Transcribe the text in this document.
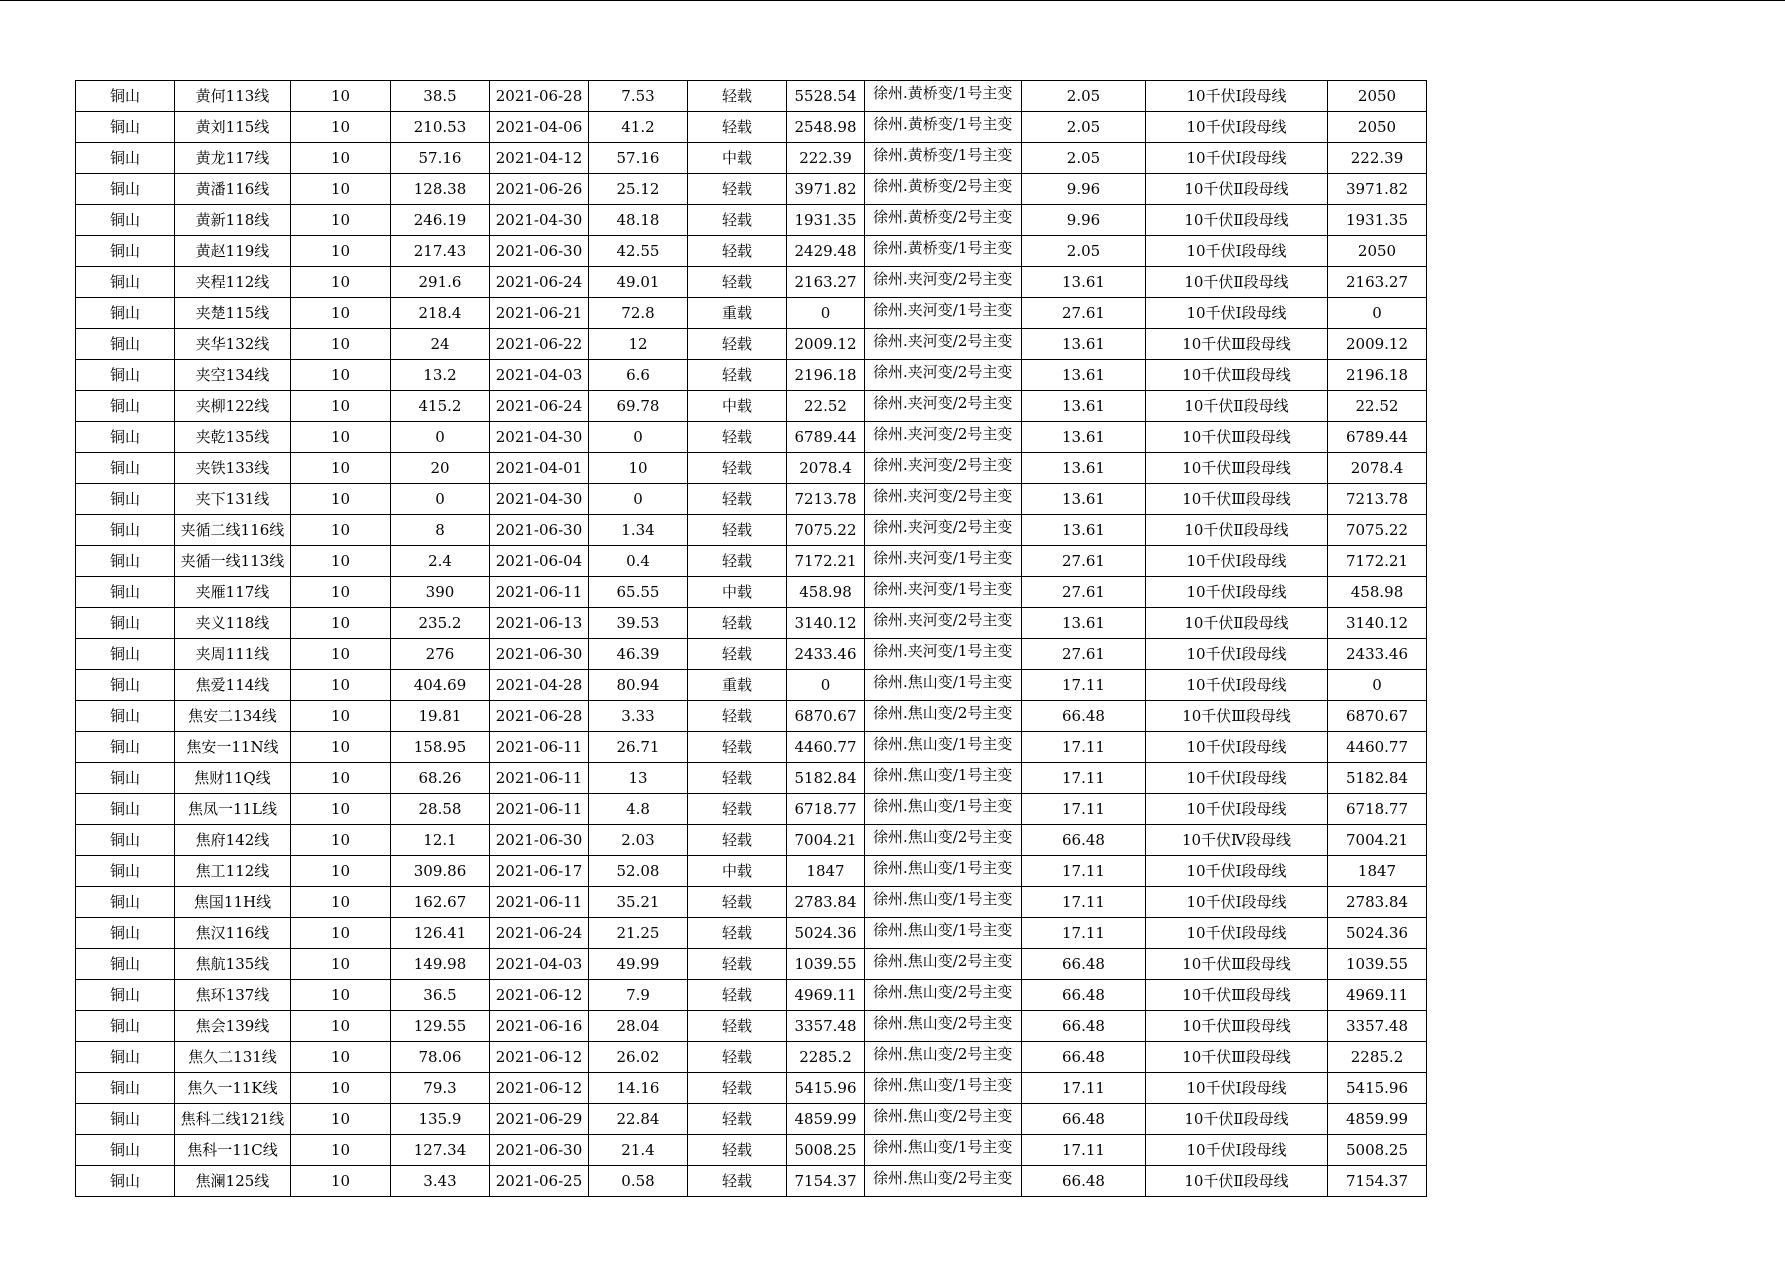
铜山	黄何113线	10	38.5	2021-06-28	7.53	轻载	5528.54	徐州.黄桥变/1号主变	2.05	10千伏Ⅰ段母线	2050
铜山	黄刘115线	10	210.53	2021-04-06	41.2	轻载	2548.98	徐州.黄桥变/1号主变	2.05	10千伏Ⅰ段母线	2050
铜山	黄龙117线	10	57.16	2021-04-12	57.16	中载	222.39	徐州.黄桥变/1号主变	2.05	10千伏Ⅰ段母线	222.39
铜山	黄潘116线	10	128.38	2021-06-26	25.12	轻载	3971.82	徐州.黄桥变/2号主变	9.96	10千伏Ⅱ段母线	3971.82
铜山	黄新118线	10	246.19	2021-04-30	48.18	轻载	1931.35	徐州.黄桥变/2号主变	9.96	10千伏Ⅱ段母线	1931.35
铜山	黄赵119线	10	217.43	2021-06-30	42.55	轻载	2429.48	徐州.黄桥变/1号主变	2.05	10千伏Ⅰ段母线	2050
铜山	夹程112线	10	291.6	2021-06-24	49.01	轻载	2163.27	徐州.夹河变/2号主变	13.61	10千伏Ⅱ段母线	2163.27
铜山	夹楚115线	10	218.4	2021-06-21	72.8	重载	0	徐州.夹河变/1号主变	27.61	10千伏Ⅰ段母线	0
铜山	夹华132线	10	24	2021-06-22	12	轻载	2009.12	徐州.夹河变/2号主变	13.61	10千伏Ⅲ段母线	2009.12
铜山	夹空134线	10	13.2	2021-04-03	6.6	轻载	2196.18	徐州.夹河变/2号主变	13.61	10千伏Ⅲ段母线	2196.18
铜山	夹柳122线	10	415.2	2021-06-24	69.78	中载	22.52	徐州.夹河变/2号主变	13.61	10千伏Ⅱ段母线	22.52
铜山	夹乾135线	10	0	2021-04-30	0	轻载	6789.44	徐州.夹河变/2号主变	13.61	10千伏Ⅲ段母线	6789.44
铜山	夹铁133线	10	20	2021-04-01	10	轻载	2078.4	徐州.夹河变/2号主变	13.61	10千伏Ⅲ段母线	2078.4
铜山	夹下131线	10	0	2021-04-30	0	轻载	7213.78	徐州.夹河变/2号主变	13.61	10千伏Ⅲ段母线	7213.78
铜山	夹循二线116线	10	8	2021-06-30	1.34	轻载	7075.22	徐州.夹河变/2号主变	13.61	10千伏Ⅱ段母线	7075.22
铜山	夹循一线113线	10	2.4	2021-06-04	0.4	轻载	7172.21	徐州.夹河变/1号主变	27.61	10千伏Ⅰ段母线	7172.21
铜山	夹雁117线	10	390	2021-06-11	65.55	中载	458.98	徐州.夹河变/1号主变	27.61	10千伏Ⅰ段母线	458.98
铜山	夹义118线	10	235.2	2021-06-13	39.53	轻载	3140.12	徐州.夹河变/2号主变	13.61	10千伏Ⅱ段母线	3140.12
铜山	夹周111线	10	276	2021-06-30	46.39	轻载	2433.46	徐州.夹河变/1号主变	27.61	10千伏Ⅰ段母线	2433.46
铜山	焦爱114线	10	404.69	2021-04-28	80.94	重载	0	徐州.焦山变/1号主变	17.11	10千伏Ⅰ段母线	0
铜山	焦安二134线	10	19.81	2021-06-28	3.33	轻载	6870.67	徐州.焦山变/2号主变	66.48	10千伏Ⅲ段母线	6870.67
铜山	焦安一11N线	10	158.95	2021-06-11	26.71	轻载	4460.77	徐州.焦山变/1号主变	17.11	10千伏Ⅰ段母线	4460.77
铜山	焦财11Q线	10	68.26	2021-06-11	13	轻载	5182.84	徐州.焦山变/1号主变	17.11	10千伏Ⅰ段母线	5182.84
铜山	焦凤一11L线	10	28.58	2021-06-11	4.8	轻载	6718.77	徐州.焦山变/1号主变	17.11	10千伏Ⅰ段母线	6718.77
铜山	焦府142线	10	12.1	2021-06-30	2.03	轻载	7004.21	徐州.焦山变/2号主变	66.48	10千伏Ⅳ段母线	7004.21
铜山	焦工112线	10	309.86	2021-06-17	52.08	中载	1847	徐州.焦山变/1号主变	17.11	10千伏Ⅰ段母线	1847
铜山	焦国11H线	10	162.67	2021-06-11	35.21	轻载	2783.84	徐州.焦山变/1号主变	17.11	10千伏Ⅰ段母线	2783.84
铜山	焦汉116线	10	126.41	2021-06-24	21.25	轻载	5024.36	徐州.焦山变/1号主变	17.11	10千伏Ⅰ段母线	5024.36
铜山	焦航135线	10	149.98	2021-04-03	49.99	轻载	1039.55	徐州.焦山变/2号主变	66.48	10千伏Ⅲ段母线	1039.55
铜山	焦环137线	10	36.5	2021-06-12	7.9	轻载	4969.11	徐州.焦山变/2号主变	66.48	10千伏Ⅲ段母线	4969.11
铜山	焦会139线	10	129.55	2021-06-16	28.04	轻载	3357.48	徐州.焦山变/2号主变	66.48	10千伏Ⅲ段母线	3357.48
铜山	焦久二131线	10	78.06	2021-06-12	26.02	轻载	2285.2	徐州.焦山变/2号主变	66.48	10千伏Ⅲ段母线	2285.2
铜山	焦久一11K线	10	79.3	2021-06-12	14.16	轻载	5415.96	徐州.焦山变/1号主变	17.11	10千伏Ⅰ段母线	5415.96
铜山	焦科二线121线	10	135.9	2021-06-29	22.84	轻载	4859.99	徐州.焦山变/2号主变	66.48	10千伏Ⅱ段母线	4859.99
铜山	焦科一11C线	10	127.34	2021-06-30	21.4	轻载	5008.25	徐州.焦山变/1号主变	17.11	10千伏Ⅰ段母线	5008.25
铜山	焦澜125线	10	3.43	2021-06-25	0.58	轻载	7154.37	徐州.焦山变/2号主变	66.48	10千伏Ⅱ段母线	7154.37
